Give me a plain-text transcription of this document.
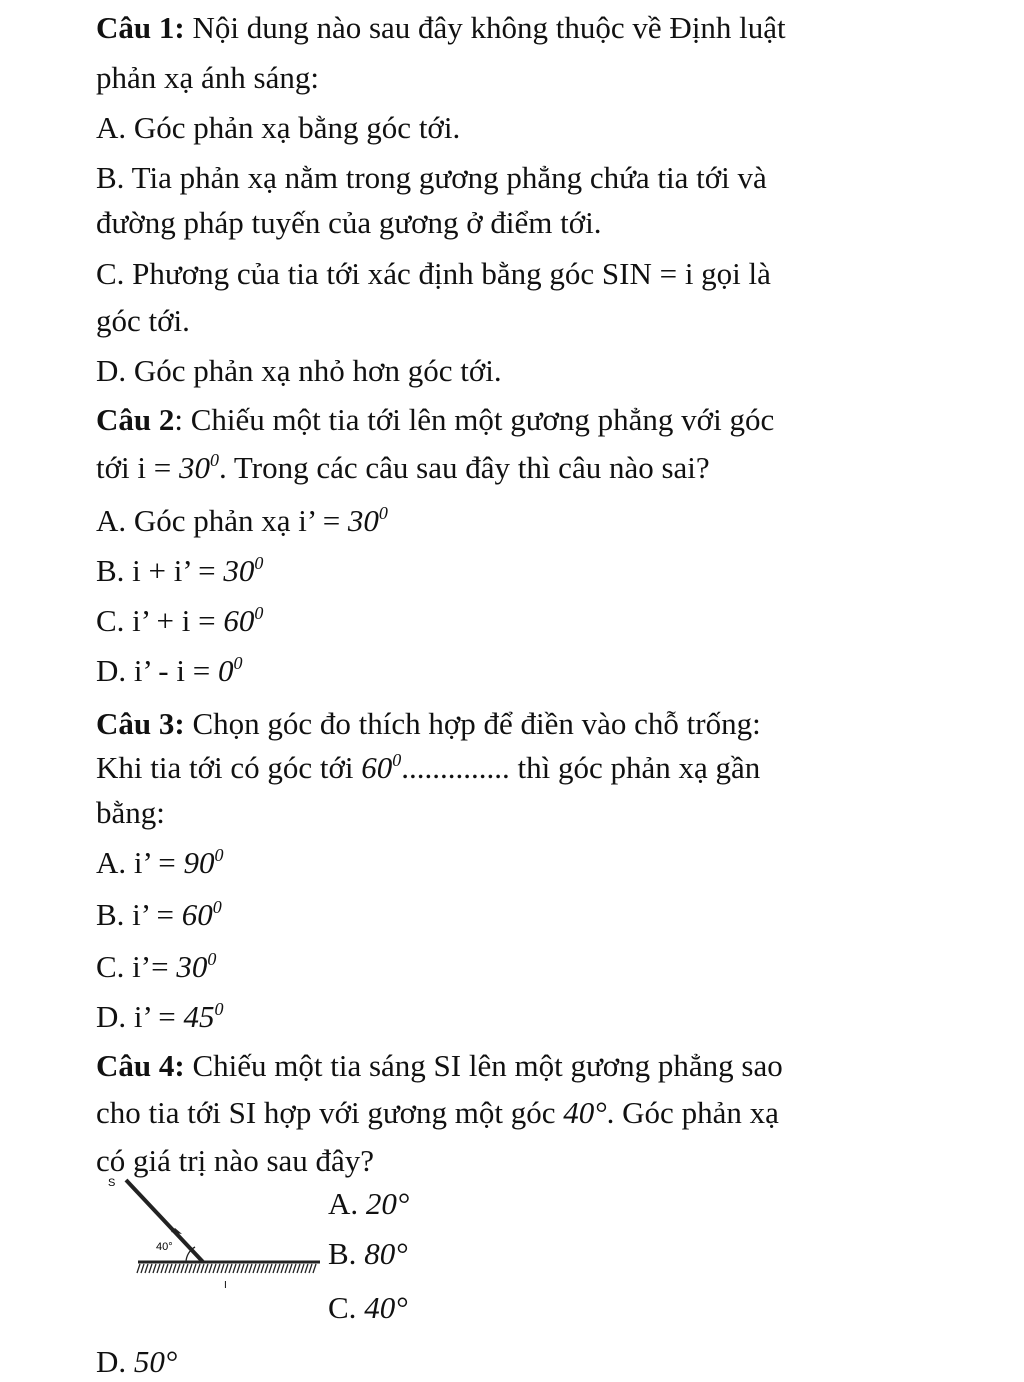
Câu 1: Nội dung nào sau đây không thuộc về Định luật
phản xạ ánh sáng:
A. Góc phản xạ bằng góc tới.
B. Tia phản xạ nằm trong gương phẳng chứa tia tới và
đường pháp tuyến của gương ở điểm tới.
C. Phương của tia tới xác định bằng góc SIN = i gọi là
góc tới.
D. Góc phản xạ nhỏ hơn góc tới.
Câu 2: Chiếu một tia tới lên một gương phẳng với góc
tới $i = 30^0$. Trong các câu sau đây thì câu nào sai?
A. Góc phản xạ i’ = $30^0$
B. i + i’ = $30^0$
C. i’ + $i = 60^0$
D. i’ - $i = 0^0$
Câu 3: Chọn góc đo thích hợp để điền vào chỗ trống:
Khi tia tới có góc tới $60^0$.............. thì góc phản xạ gần
bằng:
A. i’ = $90^0$
B. i’ = $60^0$
C. i’= $30^0$
D. i’ = $45^0$
Câu 4: Chiếu một tia sáng SI lên một gương phẳng sao
cho tia tới SI hợp với gương một góc 40°. Góc phản xạ
có giá trị nào sau đây?
A. 20°
B. 80°
C. 40°
D. 50°
S
40°
I
